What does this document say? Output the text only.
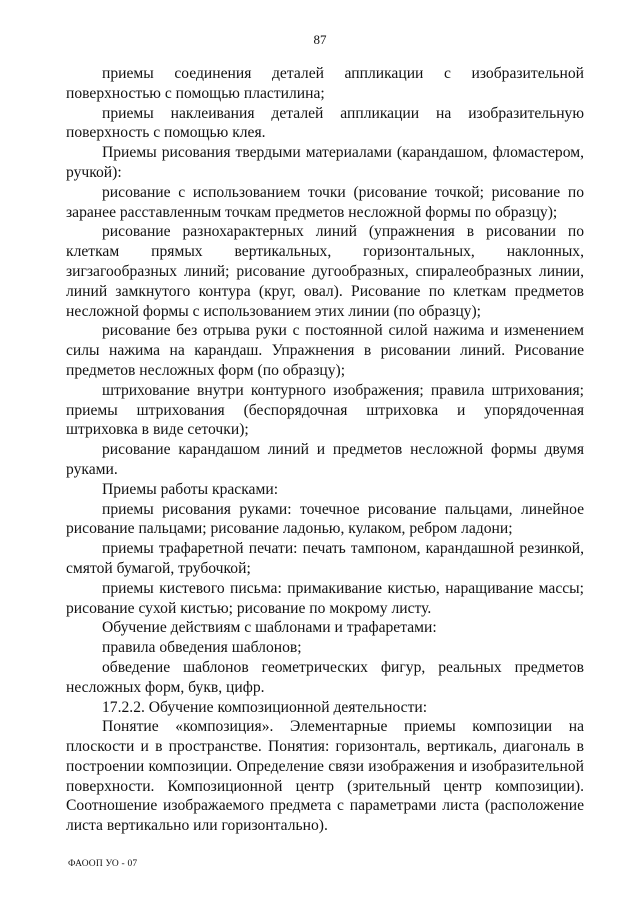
87

приемы соединения деталей аппликации с изобразительной поверхностью с помощью пластилина;

приемы наклеивания деталей аппликации на изобразительную поверхность с помощью клея.

Приемы рисования твердыми материалами (карандашом, фломастером, ручкой):

рисование с использованием точки (рисование точкой; рисование по заранее расставленным точкам предметов несложной формы по образцу);

рисование разнохарактерных линий (упражнения в рисовании по клеткам прямых вертикальных, горизонтальных, наклонных, зигзагообразных линий; рисование дугообразных, спиралеобразных линии, линий замкнутого контура (круг, овал). Рисование по клеткам предметов несложной формы с использованием этих линии (по образцу);

рисование без отрыва руки с постоянной силой нажима и изменением силы нажима на карандаш. Упражнения в рисовании линий. Рисование предметов несложных форм (по образцу);

штрихование внутри контурного изображения; правила штрихования; приемы штрихования (беспорядочная штриховка и упорядоченная штриховка в виде сеточки);

рисование карандашом линий и предметов несложной формы двумя руками.

Приемы работы красками:

приемы рисования руками: точечное рисование пальцами, линейное рисование пальцами; рисование ладонью, кулаком, ребром ладони;

приемы трафаретной печати: печать тампоном, карандашной резинкой, смятой бумагой, трубочкой;

приемы кистевого письма: примакивание кистью, наращивание массы; рисование сухой кистью; рисование по мокрому листу.

Обучение действиям с шаблонами и трафаретами:

правила обведения шаблонов;

обведение шаблонов геометрических фигур, реальных предметов несложных форм, букв, цифр.

17.2.2. Обучение композиционной деятельности:

Понятие «композиция». Элементарные приемы композиции на плоскости и в пространстве. Понятия: горизонталь, вертикаль, диагональ в построении композиции. Определение связи изображения и изобразительной поверхности. Композиционной центр (зрительный центр композиции). Соотношение изображаемого предмета с параметрами листа (расположение листа вертикально или горизонтально).

ФАООП УО - 07
